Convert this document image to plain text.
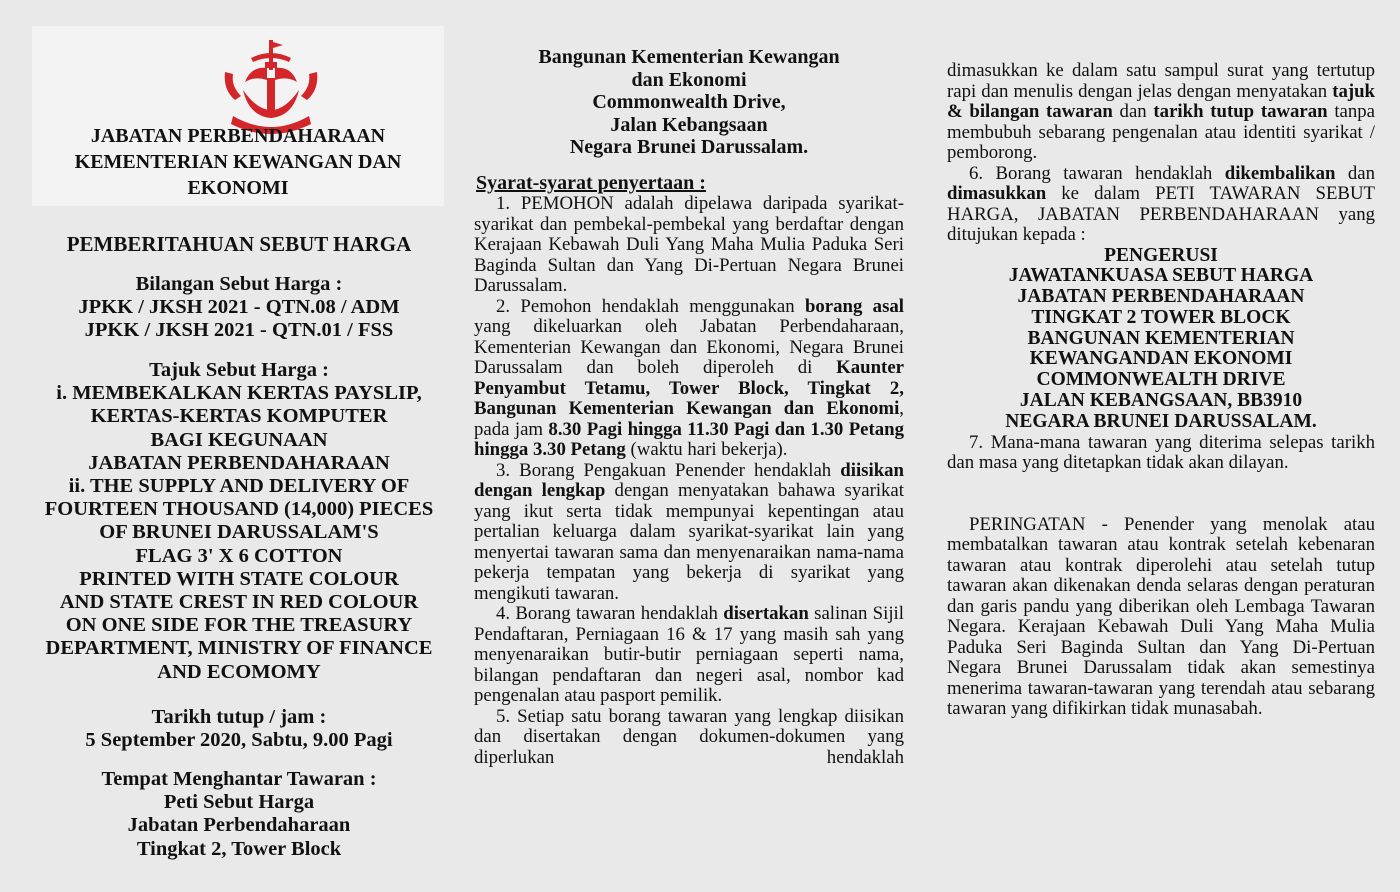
JABATAN PERBENDAHARAAN
KEMENTERIAN KEWANGAN DAN
EKONOMI
PEMBERITAHUAN SEBUT HARGA
Bilangan Sebut Harga :
JPKK / JKSH 2021 - QTN.08 / ADM
JPKK / JKSH 2021 - QTN.01 / FSS
Tajuk Sebut Harga :
i. MEMBEKALKAN KERTAS PAYSLIP,
KERTAS-KERTAS KOMPUTER
BAGI KEGUNAAN
JABATAN PERBENDAHARAAN
ii. THE SUPPLY AND DELIVERY OF
FOURTEEN THOUSAND (14,000) PIECES
OF BRUNEI DARUSSALAM'S
FLAG 3' X 6 COTTON
PRINTED WITH STATE COLOUR
AND STATE CREST IN RED COLOUR
ON ONE SIDE FOR THE TREASURY
DEPARTMENT, MINISTRY OF FINANCE
AND ECOMOMY
Tarikh tutup / jam :
5 September 2020, Sabtu, 9.00 Pagi
Tempat Menghantar Tawaran :
Peti Sebut Harga
Jabatan Perbendaharaan
Tingkat 2, Tower Block
Bangunan Kementerian Kewangan
dan Ekonomi
Commonwealth Drive,
Jalan Kebangsaan
Negara Brunei Darussalam.
Syarat-syarat penyertaan :

1. PEMOHON adalah dipelawa daripada syarikat-syarikat dan pembekal-pembekal yang berdaftar dengan Kerajaan Kebawah Duli Yang Maha Mulia Paduka Seri Baginda Sultan dan Yang Di-Pertuan Negara Brunei Darussalam.

2. Pemohon hendaklah menggunakan borang asal yang dikeluarkan oleh Jabatan Perbendaharaan, Kementerian Kewangan dan Ekonomi, Negara Brunei Darussalam dan boleh diperoleh di Kaunter Penyambut Tetamu, Tower Block, Tingkat 2, Bangunan Kementerian Kewangan dan Ekonomi, pada jam 8.30 Pagi hingga 11.30 Pagi dan 1.30 Petang hingga 3.30 Petang (waktu hari bekerja).

3. Borang Pengakuan Penender hendaklah diisikan dengan lengkap dengan menyatakan bahawa syarikat yang ikut serta tidak mempunyai kepentingan atau pertalian keluarga dalam syarikat-syarikat lain yang menyertai tawaran sama dan menyenaraikan nama-nama pekerja tempatan yang bekerja di syarikat yang mengikuti tawaran.

4. Borang tawaran hendaklah disertakan salinan Sijil Pendaftaran, Perniagaan 16 & 17 yang masih sah yang menyenaraikan butir-butir perniagaan seperti nama, bilangan pendaftaran dan negeri asal, nombor kad pengenalan atau pasport pemilik.

5. Setiap satu borang tawaran yang lengkap diisikan dan disertakan dengan dokumen-dokumen yang diperlukan hendaklah

dimasukkan ke dalam satu sampul surat yang tertutup rapi dan menulis dengan jelas dengan menyatakan tajuk & bilangan tawaran dan tarikh tutup tawaran tanpa membubuh sebarang pengenalan atau identiti syarikat / pemborong.

6. Borang tawaran hendaklah dikembalikan dan dimasukkan ke dalam PETI TAWARAN SEBUT HARGA, JABATAN PERBENDAHARAAN yang ditujukan kepada :

PENGERUSI
JAWATANKUASA SEBUT HARGA
JABATAN PERBENDAHARAAN
TINGKAT 2 TOWER BLOCK
BANGUNAN KEMENTERIAN
KEWANGANDAN EKONOMI
COMMONWEALTH DRIVE
JALAN KEBANGSAAN, BB3910
NEGARA BRUNEI DARUSSALAM.

7. Mana-mana tawaran yang diterima selepas tarikh dan masa yang ditetapkan tidak akan dilayan.

PERINGATAN - Penender yang menolak atau membatalkan tawaran atau kontrak setelah kebenaran tawaran atau kontrak diperolehi atau setelah tutup tawaran akan dikenakan denda selaras dengan peraturan dan garis pandu yang diberikan oleh Lembaga Tawaran Negara. Kerajaan Kebawah Duli Yang Maha Mulia Paduka Seri Baginda Sultan dan Yang Di-Pertuan Negara Brunei Darussalam tidak akan semestinya menerima tawaran-tawaran yang terendah atau sebarang tawaran yang difikirkan tidak munasabah.
